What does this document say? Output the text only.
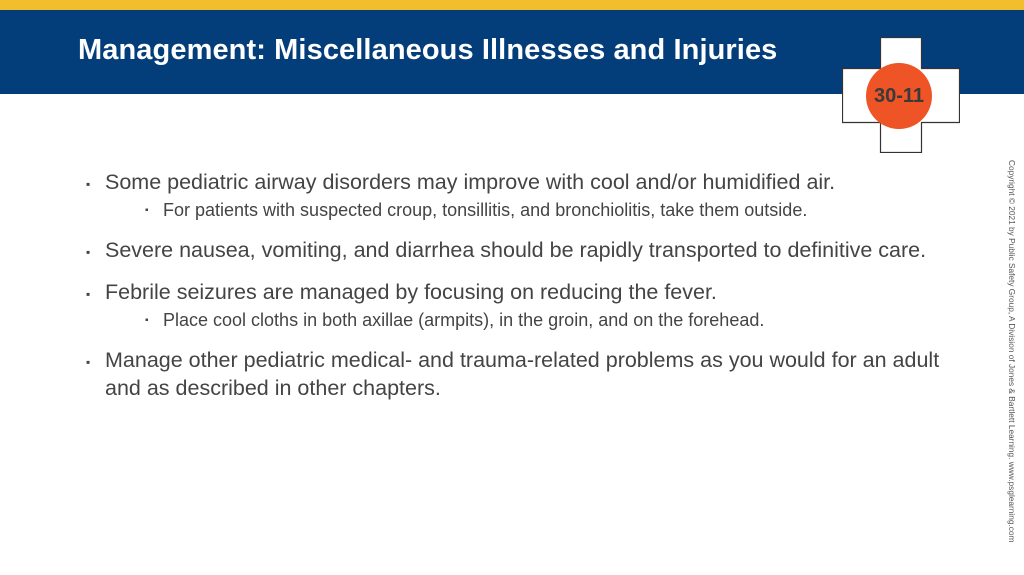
Management: Miscellaneous Illnesses and Injuries
30-11
▪ Some pediatric airway disorders may improve with cool and/or humidified air.
▪ For patients with suspected croup, tonsillitis, and bronchiolitis, take them outside.
▪ Severe nausea, vomiting, and diarrhea should be rapidly transported to definitive care.
▪ Febrile seizures are managed by focusing on reducing the fever.
▪ Place cool cloths in both axillae (armpits), in the groin, and on the forehead.
▪ Manage other pediatric medical- and trauma-related problems as you would for an adult and as described in other chapters.	Copyright © 2021 by Public Safety Group, A Division of Jones & Bartlett Learning. www.psglearning.com
